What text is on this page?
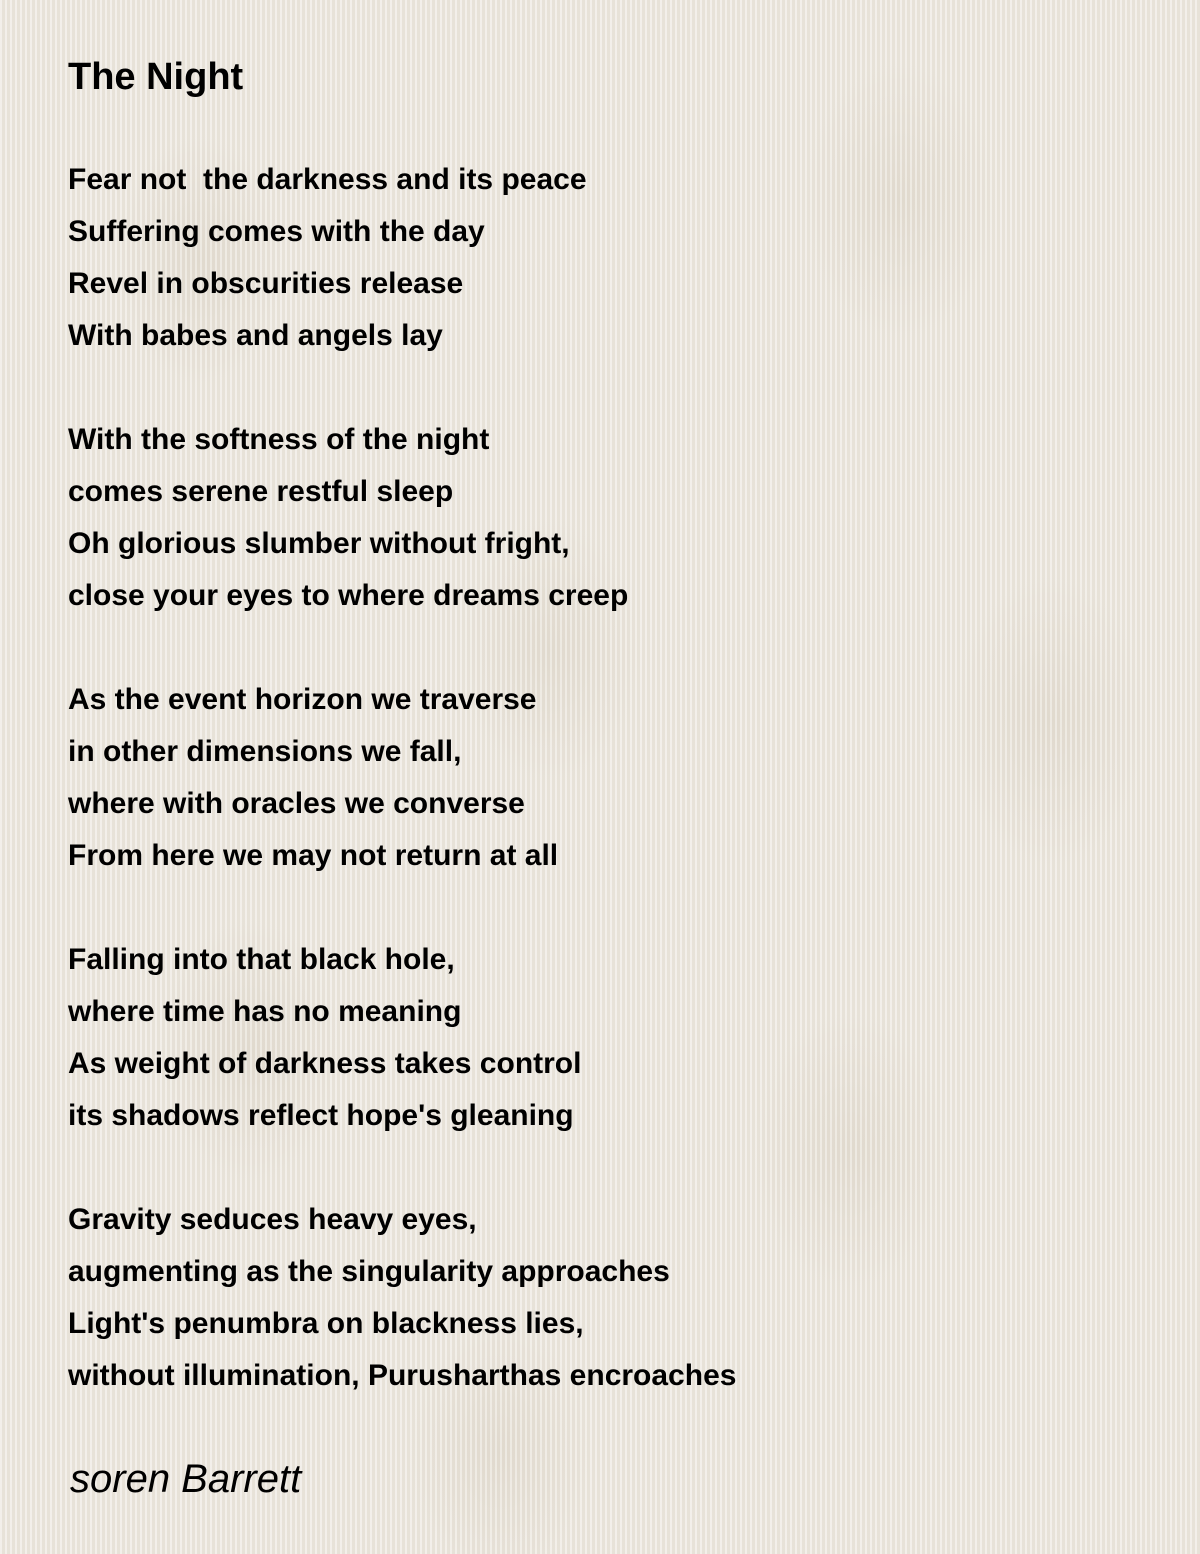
The Night
Fear not  the darkness and its peace
Suffering comes with the day
Revel in obscurities release
With babes and angels lay
With the softness of the night
comes serene restful sleep
Oh glorious slumber without fright,
close your eyes to where dreams creep
As the event horizon we traverse
in other dimensions we fall,
where with oracles we converse
From here we may not return at all
Falling into that black hole,
where time has no meaning
As weight of darkness takes control
its shadows reflect hope's gleaning
Gravity seduces heavy eyes,
augmenting as the singularity approaches
Light's penumbra on blackness lies,
without illumination, Purusharthas encroaches
soren Barrett
